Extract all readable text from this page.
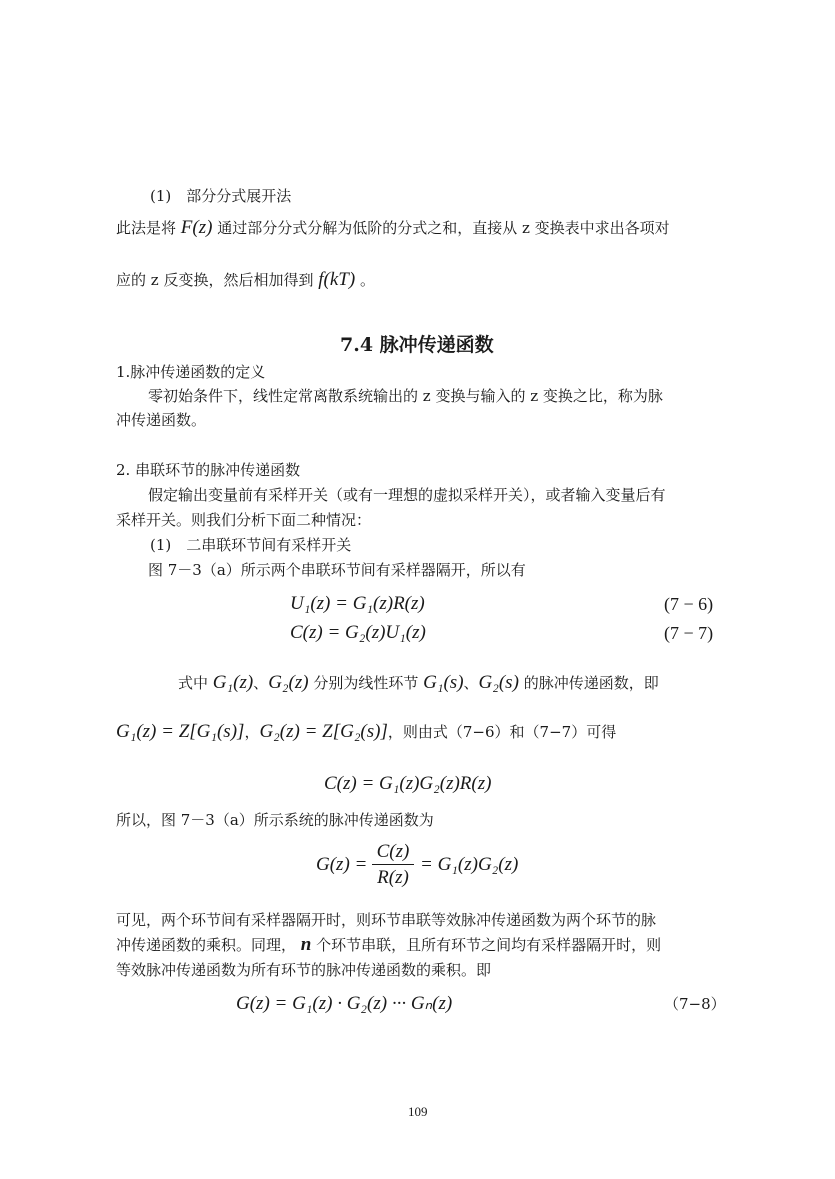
(1)　部分分式展开法
此法是将 F(z) 通过部分分式分解为低阶的分式之和，直接从 z 变换表中求出各项对
应的 z 反变换，然后相加得到 f(kT) 。
7.4 脉冲传递函数
1.脉冲传递函数的定义
零初始条件下，线性定常离散系统输出的 z 变换与输入的 z 变换之比，称为脉
冲传递函数。
2. 串联环节的脉冲传递函数
假定输出变量前有采样开关（或有一理想的虚拟采样开关），或者输入变量后有
采样开关。则我们分析下面二种情况：
(1)　二串联环节间有采样开关
图 7－3（a）所示两个串联环节间有采样器隔开，所以有
U₁(z) = G₁(z)R(z)	(7 − 6)
C(z) = G₂(z)U₁(z)	(7 − 7)
式中 G₁(z)、G₂(z) 分别为线性环节 G₁(s)、G₂(s) 的脉冲传递函数，即
G₁(z) = Z[G₁(s)]，G₂(z) = Z[G₂(s)]，则由式（7−6）和（7−7）可得
C(z) = G₁(z)G₂(z)R(z)
所以，图 7－3（a）所示系统的脉冲传递函数为
G(z) =
C(z)
R(z)
= G₁(z)G₂(z)
可见，两个环节间有采样器隔开时，则环节串联等效脉冲传递函数为两个环节的脉
冲传递函数的乘积。同理， n 个环节串联，且所有环节之间均有采样器隔开时，则
等效脉冲传递函数为所有环节的脉冲传递函数的乘积。即
G(z) = G₁(z) · G₂(z) ··· Gₙ(z)	（7−8）
109
